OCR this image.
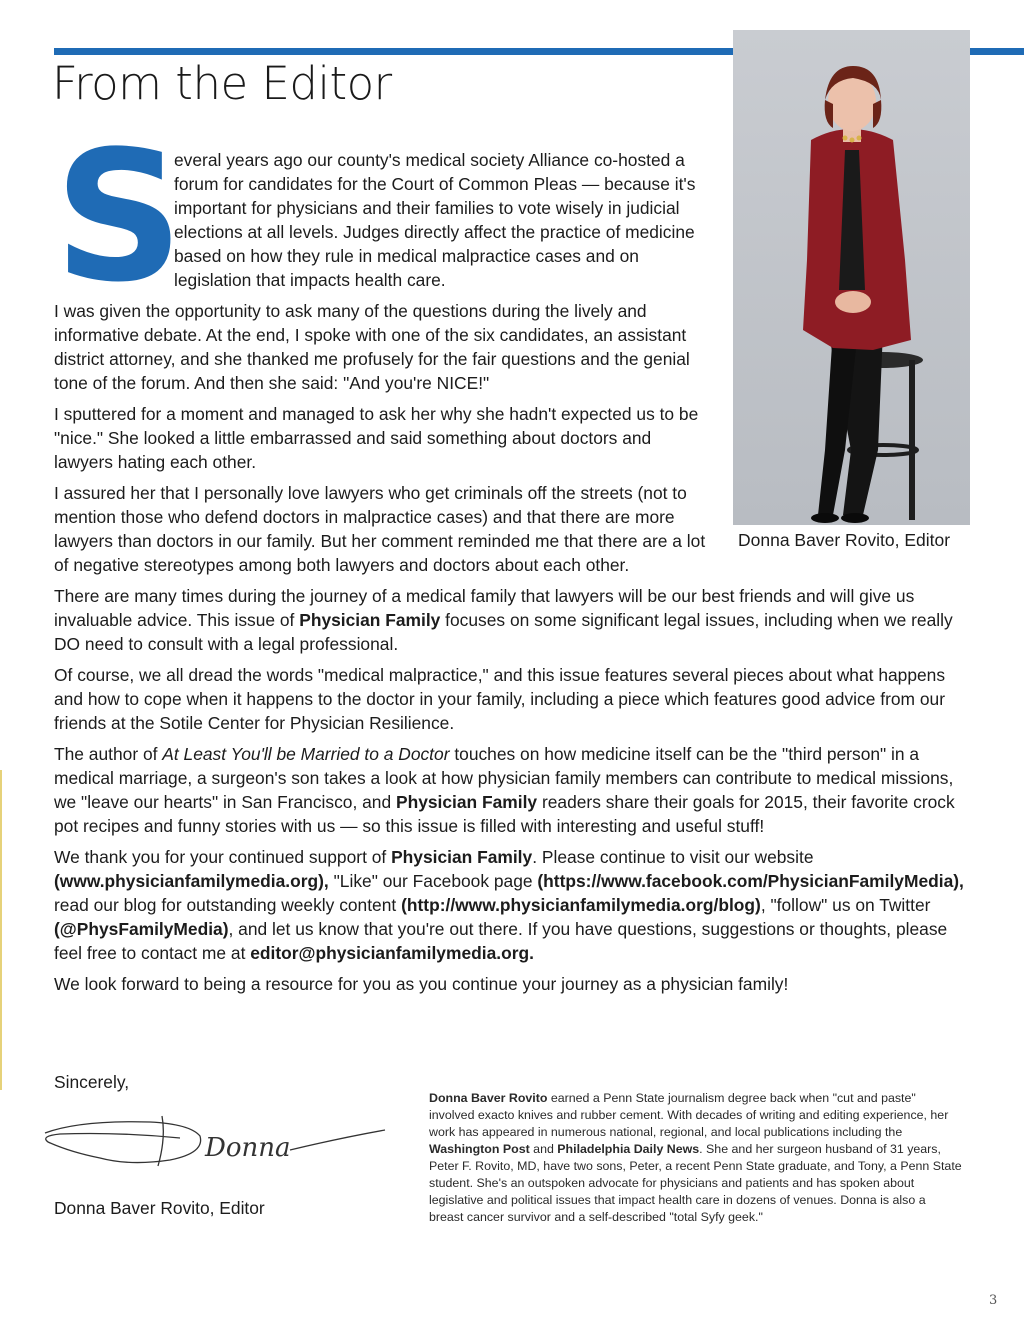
From the Editor
Donna Baver Rovito, Editor

S
everal years ago our county's medical society Alliance co-hosted a forum for candidates for the Court of Common Pleas — because it's important for physicians and their families to vote wisely in judicial elections at all levels. Judges directly affect the practice of medicine based on how they rule in medical malpractice cases and on legislation that impacts health care.

I was given the opportunity to ask many of the questions during the lively and informative debate. At the end, I spoke with one of the six candidates, an assistant district attorney, and she thanked me profusely for the fair questions and the genial tone of the forum. And then she said: "And you're NICE!"

I sputtered for a moment and managed to ask her why she hadn't expected us to be "nice." She looked a little embarrassed and said something about doctors and lawyers hating each other.

I assured her that I personally love lawyers who get criminals off the streets (not to mention those who defend doctors in malpractice cases) and that there are more lawyers than doctors in our family. But her comment reminded me that there are a lot of negative stereotypes among both lawyers and doctors about each other.

There are many times during the journey of a medical family that lawyers will be our best friends and will give us invaluable advice. This issue of Physician Family focuses on some significant legal issues, including when we really DO need to consult with a legal professional.

Of course, we all dread the words "medical malpractice," and this issue features several pieces about what happens and how to cope when it happens to the doctor in your family, including a piece which features good advice from our friends at the Sotile Center for Physician Resilience.

The author of At Least You'll be Married to a Doctor touches on how medicine itself can be the "third person" in a medical marriage, a surgeon's son takes a look at how physician family members can contribute to medical missions, we "leave our hearts" in San Francisco, and Physician Family readers share their goals for 2015, their favorite crock pot recipes and funny stories with us — so this issue is filled with interesting and useful stuff!

We thank you for your continued support of Physician Family. Please continue to visit our website (www.physicianfamilymedia.org), "Like" our Facebook page (https://www.facebook.com/PhysicianFamilyMedia), read our blog for outstanding weekly content (http://www.physicianfamilymedia.org/blog), "follow" us on Twitter (@PhysFamilyMedia), and let us know that you're out there. If you have questions, suggestions or thoughts, please feel free to contact me at editor@physicianfamilymedia.org.

We look forward to being a resource for you as you continue your journey as a physician family!

Sincerely,
Donna
Donna Baver Rovito, Editor
Donna Baver Rovito earned a Penn State journalism degree back when "cut and paste" involved exacto knives and rubber cement. With decades of writing and editing experience, her work has appeared in numerous national, regional, and local publications including the Washington Post and Philadelphia Daily News. She and her surgeon husband of 31 years, Peter F. Rovito, MD, have two sons, Peter, a recent Penn State graduate, and Tony, a Penn State student. She's an outspoken advocate for physicians and patients and has spoken about legislative and political issues that impact health care in dozens of venues. Donna is also a breast cancer survivor and a self-described "total Syfy geek."
3
